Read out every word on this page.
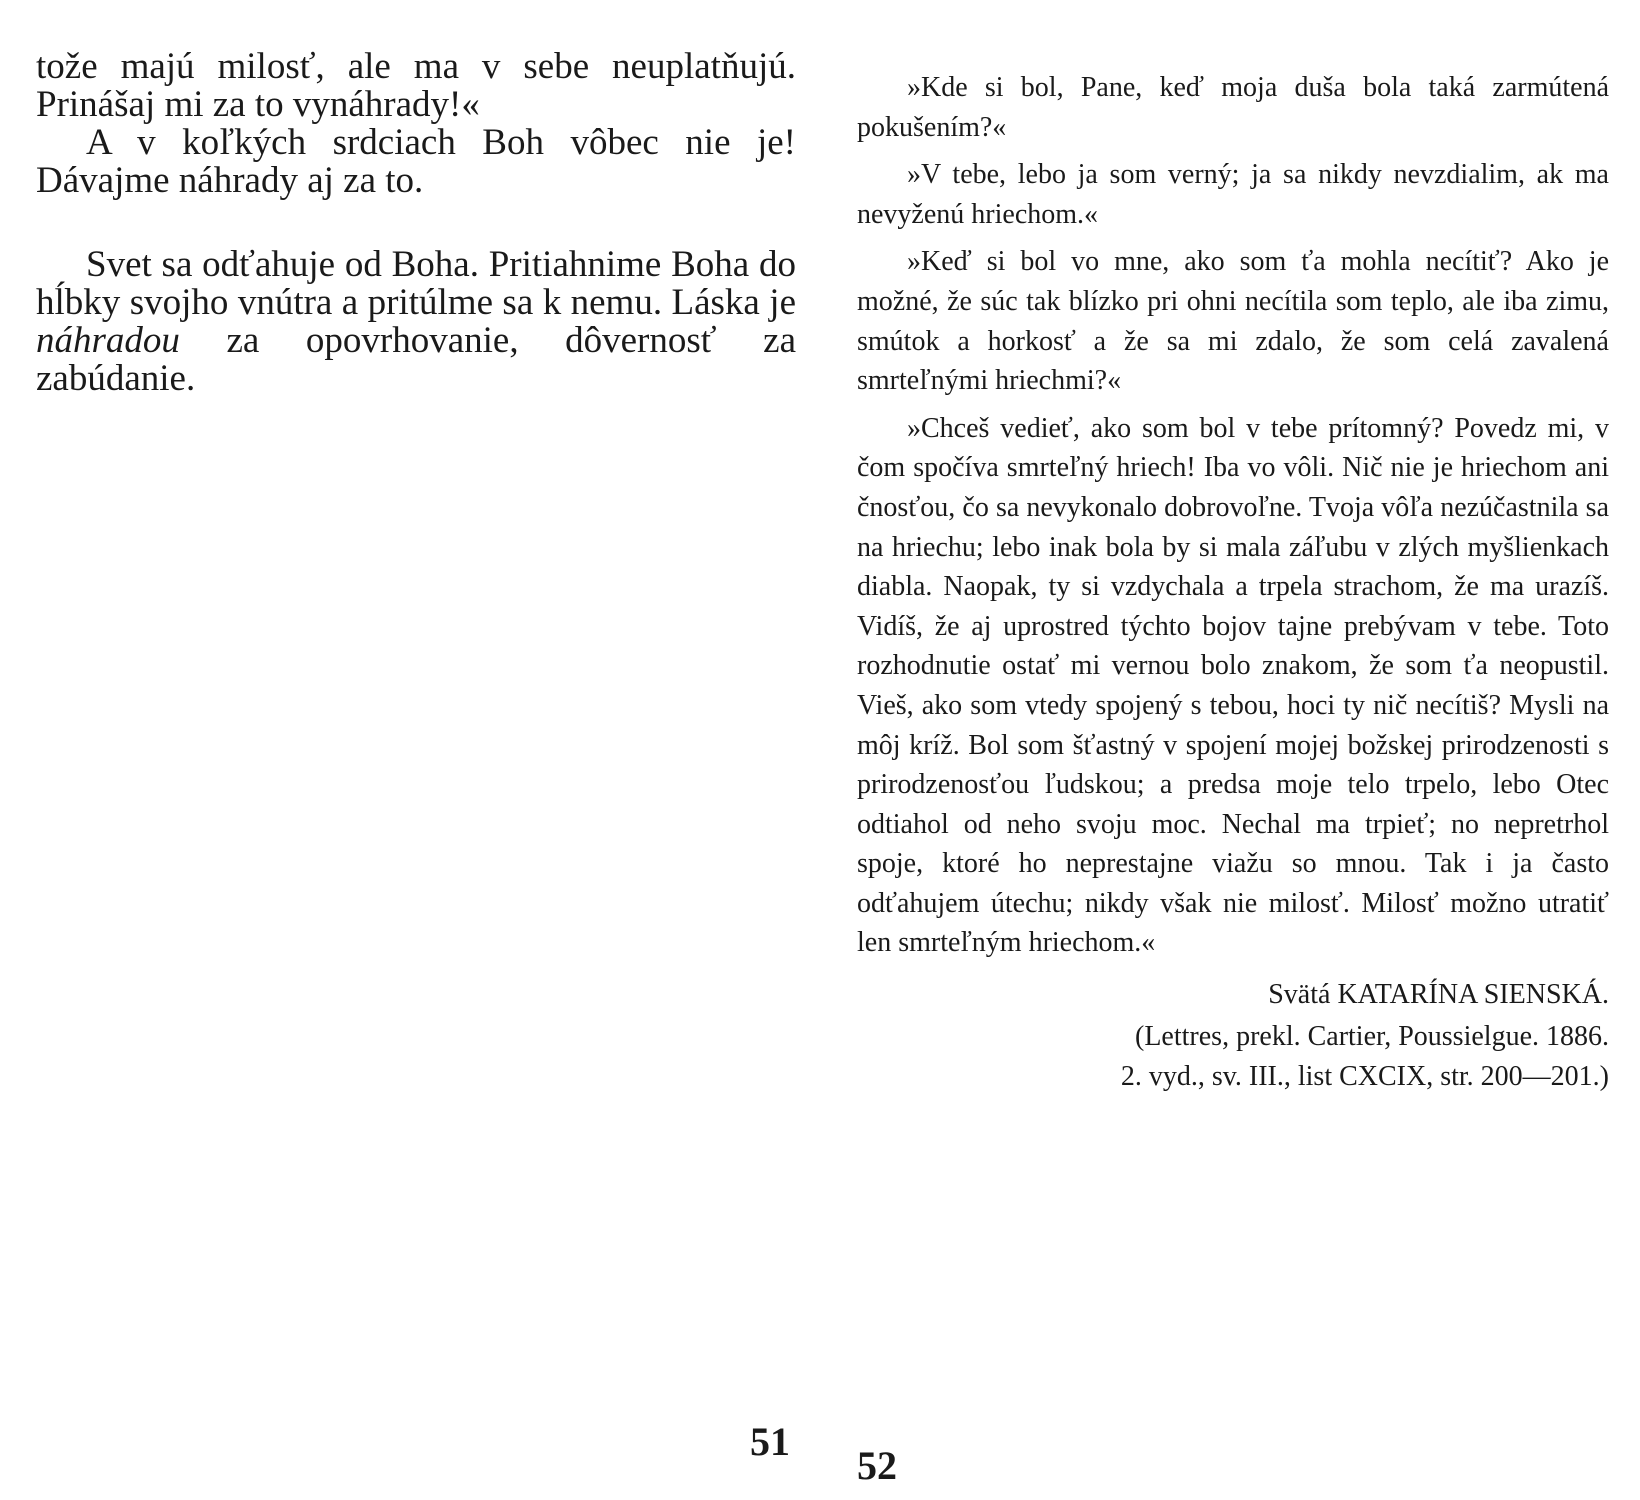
tože majú milosť, ale ma v sebe neuplatňujú. Prinášaj mi za to vynáhrady!«

A v koľkých srdciach Boh vôbec nie je! Dávajme náhrady aj za to.

Svet sa odťahuje od Boha. Pritiahnime Boha do hĺbky svojho vnútra a pritúlme sa k nemu. Láska je náhradou za opovrhovanie, dôvernosť za zabúdanie.

51

»Kde si bol, Pane, keď moja duša bola taká zarmútená pokušením?«

»V tebe, lebo ja som verný; ja sa nikdy nevzdialim, ak ma nevyženú hriechom.«

»Keď si bol vo mne, ako som ťa mohla necítiť? Ako je možné, že súc tak blízko pri ohni necítila som teplo, ale iba zimu, smútok a horkosť a že sa mi zdalo, že som celá zavalená smrteľnými hriechmi?«

»Chceš vedieť, ako som bol v tebe prítomný? Povedz mi, v čom spočíva smrteľný hriech! Iba vo vôli. Nič nie je hriechom ani čnosťou, čo sa nevykonalo dobrovoľne. Tvoja vôľa nezúčastnila sa na hriechu; lebo inak bola by si mala záľubu v zlých myšlienkach diabla. Naopak, ty si vzdychala a trpela strachom, že ma urazíš. Vidíš, že aj uprostred týchto bojov tajne prebývam v tebe. Toto rozhodnutie ostať mi vernou bolo znakom, že som ťa neopustil. Vieš, ako som vtedy spojený s tebou, hoci ty nič necítiš? Mysli na môj kríž. Bol som šťastný v spojení mojej božskej prirodzenosti s prirodzenosťou ľudskou; a predsa moje telo trpelo, lebo Otec odtiahol od neho svoju moc. Nechal ma trpieť; no nepretrhol spoje, ktoré ho neprestajne viažu so mnou. Tak i ja často odťahujem útechu; nikdy však nie milosť. Milosť možno utratiť len smrteľným hriechom.«

Svätá KATARÍNA SIENSKÁ.
(Lettres, prekl. Cartier, Poussielgue. 1886.
2. vyd., sv. III., list CXCIX, str. 200—201.)
52
